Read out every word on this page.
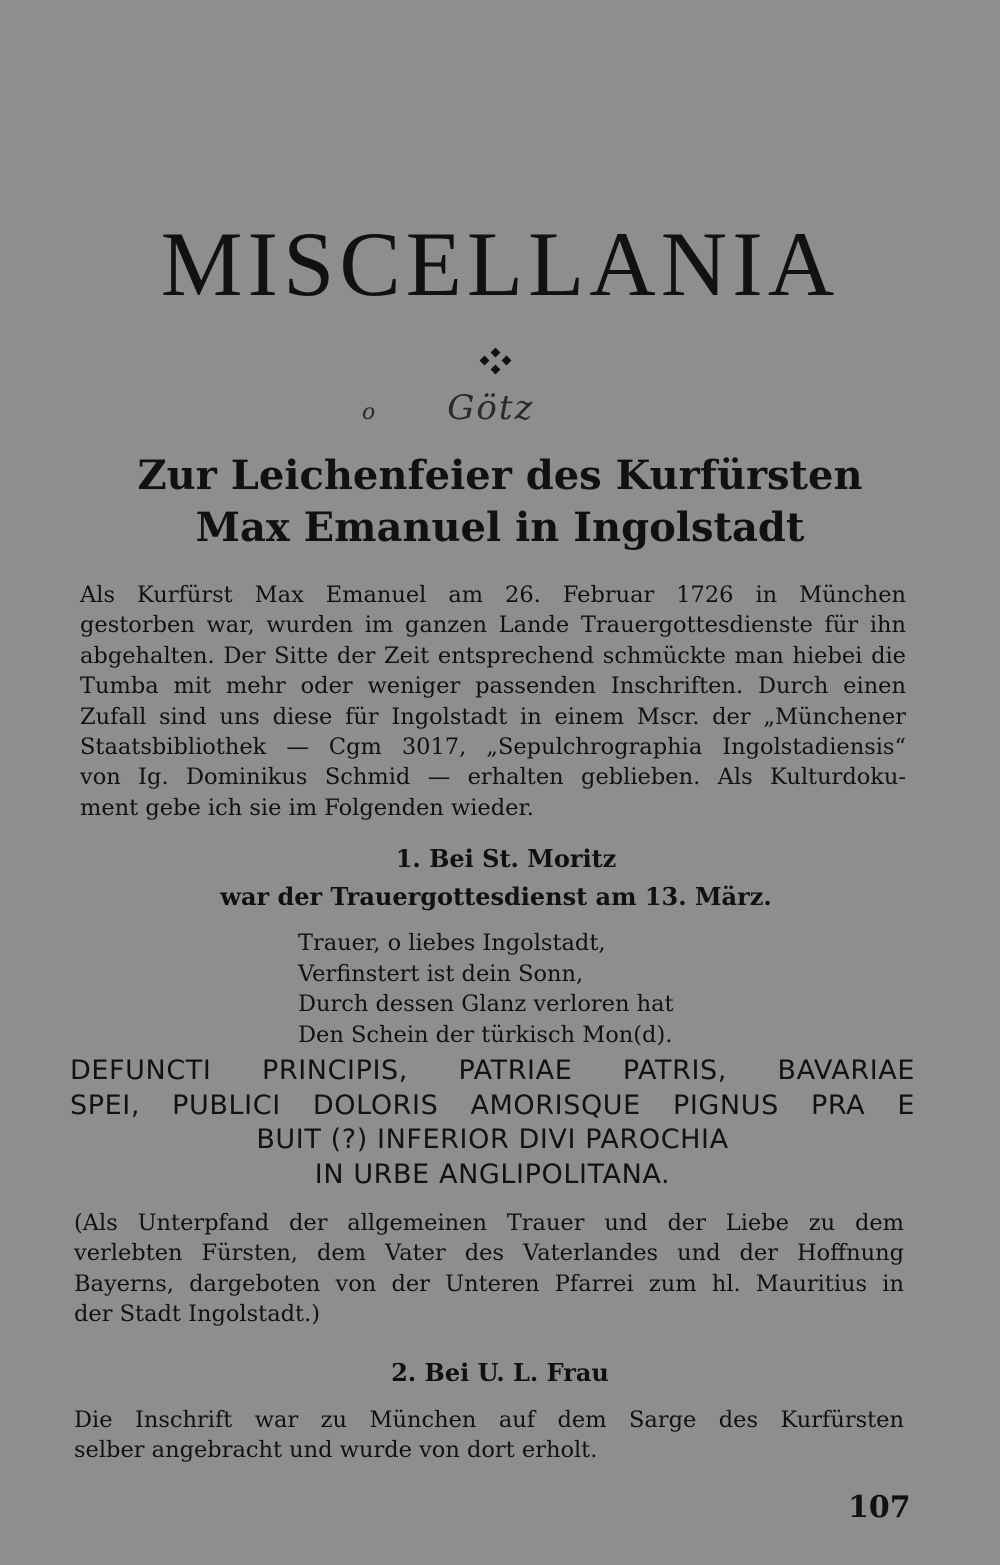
MISCELLANIA
o Götz
Zur Leichenfeier des Kurfürsten
Max Emanuel in Ingolstadt
Als Kurfürst Max Emanuel am 26. Februar 1726 in München
gestorben war, wurden im ganzen Lande Trauergottesdienste für ihn
abgehalten. Der Sitte der Zeit entsprechend schmückte man hiebei die
Tumba mit mehr oder weniger passenden Inschriften. Durch einen
Zufall sind uns diese für Ingolstadt in einem Mscr. der „Münchener
Staatsbibliothek — Cgm 3017, „Sepulchrographia Ingolstadiensis“
von Ig. Dominikus Schmid — erhalten geblieben. Als Kulturdoku-
ment gebe ich sie im Folgenden wieder.
1. Bei St. Moritz
war der Trauergottesdienst am 13. März.
Trauer, o liebes Ingolstadt,
Verfinstert ist dein Sonn,
Durch dessen Glanz verloren hat
Den Schein der türkisch Mon(d).
DEFUNCTI PRINCIPIS, PATRIAE PATRIS, BAVARIAE
SPEI, PUBLICI DOLORIS AMORISQUE PIGNUS PRA E
BUIT (?) INFERIOR DIVI PAROCHIA
IN URBE ANGLIPOLITANA.
(Als Unterpfand der allgemeinen Trauer und der Liebe zu dem
verlebten Fürsten, dem Vater des Vaterlandes und der Hoffnung
Bayerns, dargeboten von der Unteren Pfarrei zum hl. Mauritius in
der Stadt Ingolstadt.)
2. Bei U. L. Frau
Die Inschrift war zu München auf dem Sarge des Kurfürsten
selber angebracht und wurde von dort erholt.
107
